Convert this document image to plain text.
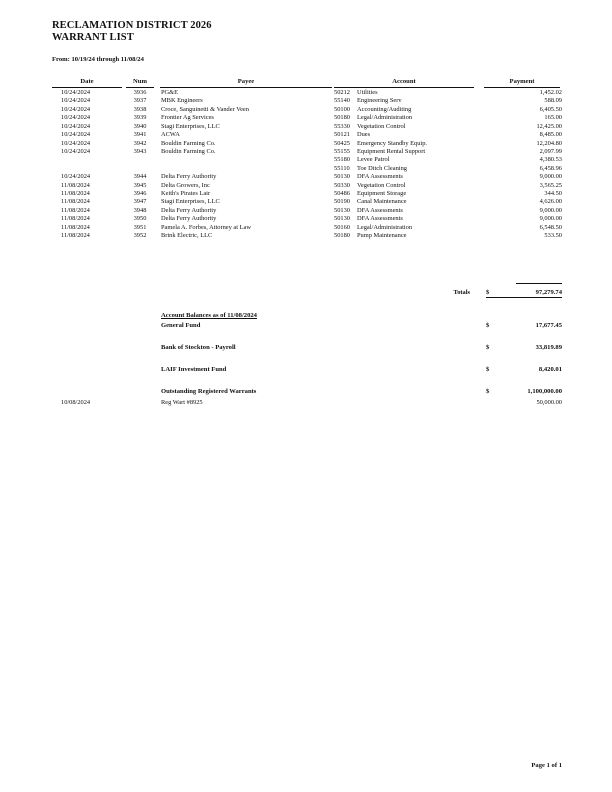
RECLAMATION DISTRICT 2026
WARRANT LIST
From: 10/19/24 through 11/08/24
Date	Num	Payee	Account	Payment
10/24/2024	3936	PG&E	50212 Utilities	1,452.02
10/24/2024	3937	MBK Engineers	55140 Engineering Serv	588.09
10/24/2024	3938	Croce, Sanguinetti & Vander Veen	50100 Accounting/Auditing	6,405.50
10/24/2024	3939	Frontier Ag Services	50180 Legal/Administration	165.00
10/24/2024	3940	Stagi Enterprises, LLC	55330 Vegetation Control	12,425.00
10/24/2024	3941	ACWA	50121 Dues	8,485.00
10/24/2024	3942	Bouldin Farming Co.	50425 Emergency Standby Equip.	12,204.80
10/24/2024	3943	Bouldin Farming Co.	55155 Equipment Rental Support	2,097.99
55180 Levee Patrol	4,380.53
55110 Toe Ditch Cleaning	6,458.96
10/24/2024	3944	Delta Ferry Authority	50130 DFA Assessments	9,000.00
11/08/2024	3945	Delta Growers, Inc	50330 Vegetation Control	3,565.25
11/08/2024	3946	Keith's Pirates Lair	50486 Equipment Storage	344.50
11/08/2024	3947	Stagi Enterprises, LLC	50190 Canal Maintenance	4,626.00
11/08/2024	3948	Delta Ferry Authority	50130 DFA Assessments	9,000.00
11/08/2024	3950	Delta Ferry Authority	50130 DFA Assessments	9,000.00
11/08/2024	3951	Pamela A. Forbes, Attorney at Law	50160 Legal/Administration	6,548.50
11/08/2024	3952	Brink Electric, LLC	50180 Pump Maintenance	533.50
Totals $	97,279.74
Account Balances as of 11/08/2024
General Fund	$	17,677.45
Bank of Stockton - Payroll	$	33,819.89
LAIF Investment Fund	$	8,420.01
Outstanding Registered Warrants	$	1,100,000.00
10/08/2024	Reg Wart #8925	50,000.00
Page 1 of 1
